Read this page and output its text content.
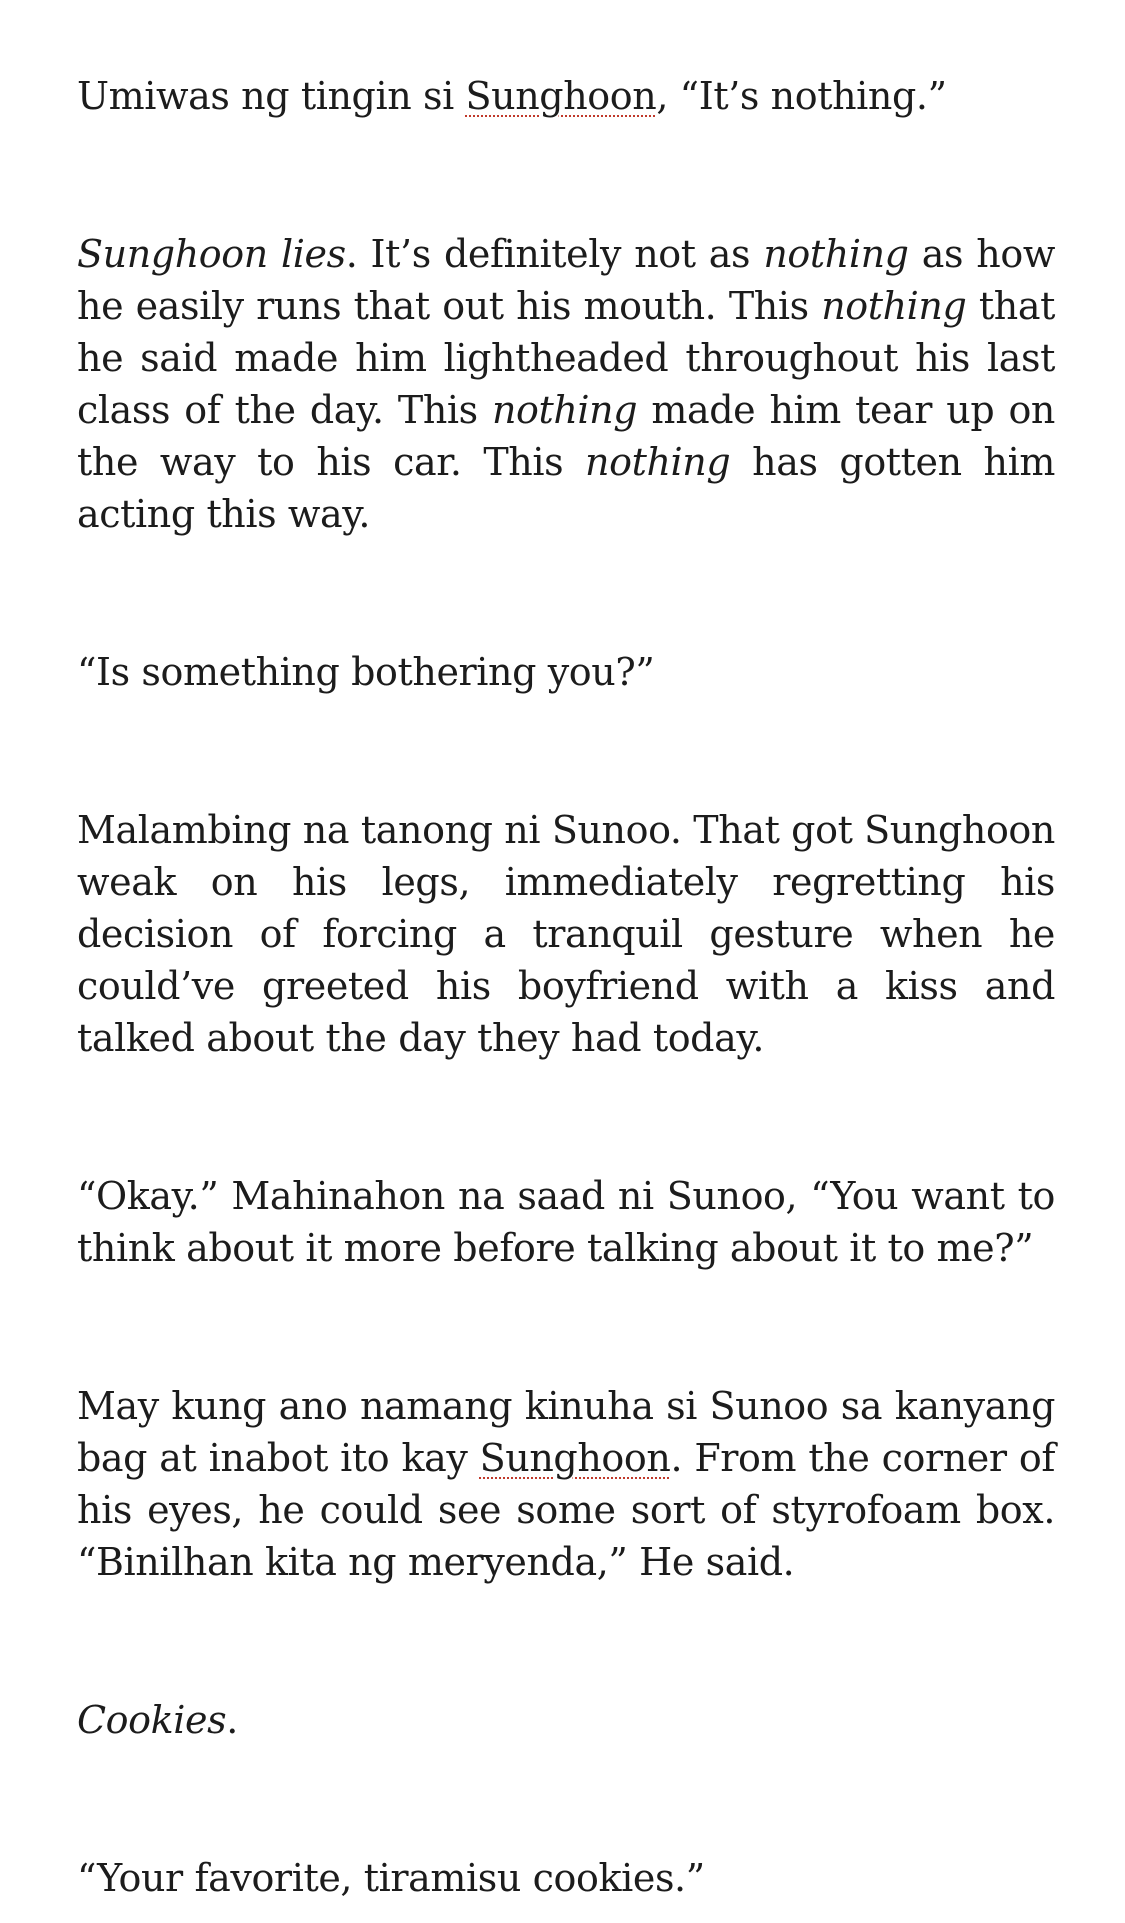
Umiwas ng tingin si Sunghoon, “It’s nothing.”

Sunghoon lies. It’s definitely not as nothing as how he easily runs that out his mouth. This nothing that he said made him lightheaded throughout his last class of the day. This nothing made him tear up on the way to his car. This nothing has gotten him acting this way.

“Is something bothering you?”

Malambing na tanong ni Sunoo. That got Sunghoon weak on his legs, immediately regretting his decision of forcing a tranquil gesture when he could’ve greeted his boyfriend with a kiss and talked about the day they had today.

“Okay.” Mahinahon na saad ni Sunoo, “You want to think about it more before talking about it to me?”

May kung ano namang kinuha si Sunoo sa kanyang bag at inabot ito kay Sunghoon. From the corner of his eyes, he could see some sort of styrofoam box. “Binilhan kita ng meryenda,” He said.

Cookies.

“Your favorite, tiramisu cookies.”
